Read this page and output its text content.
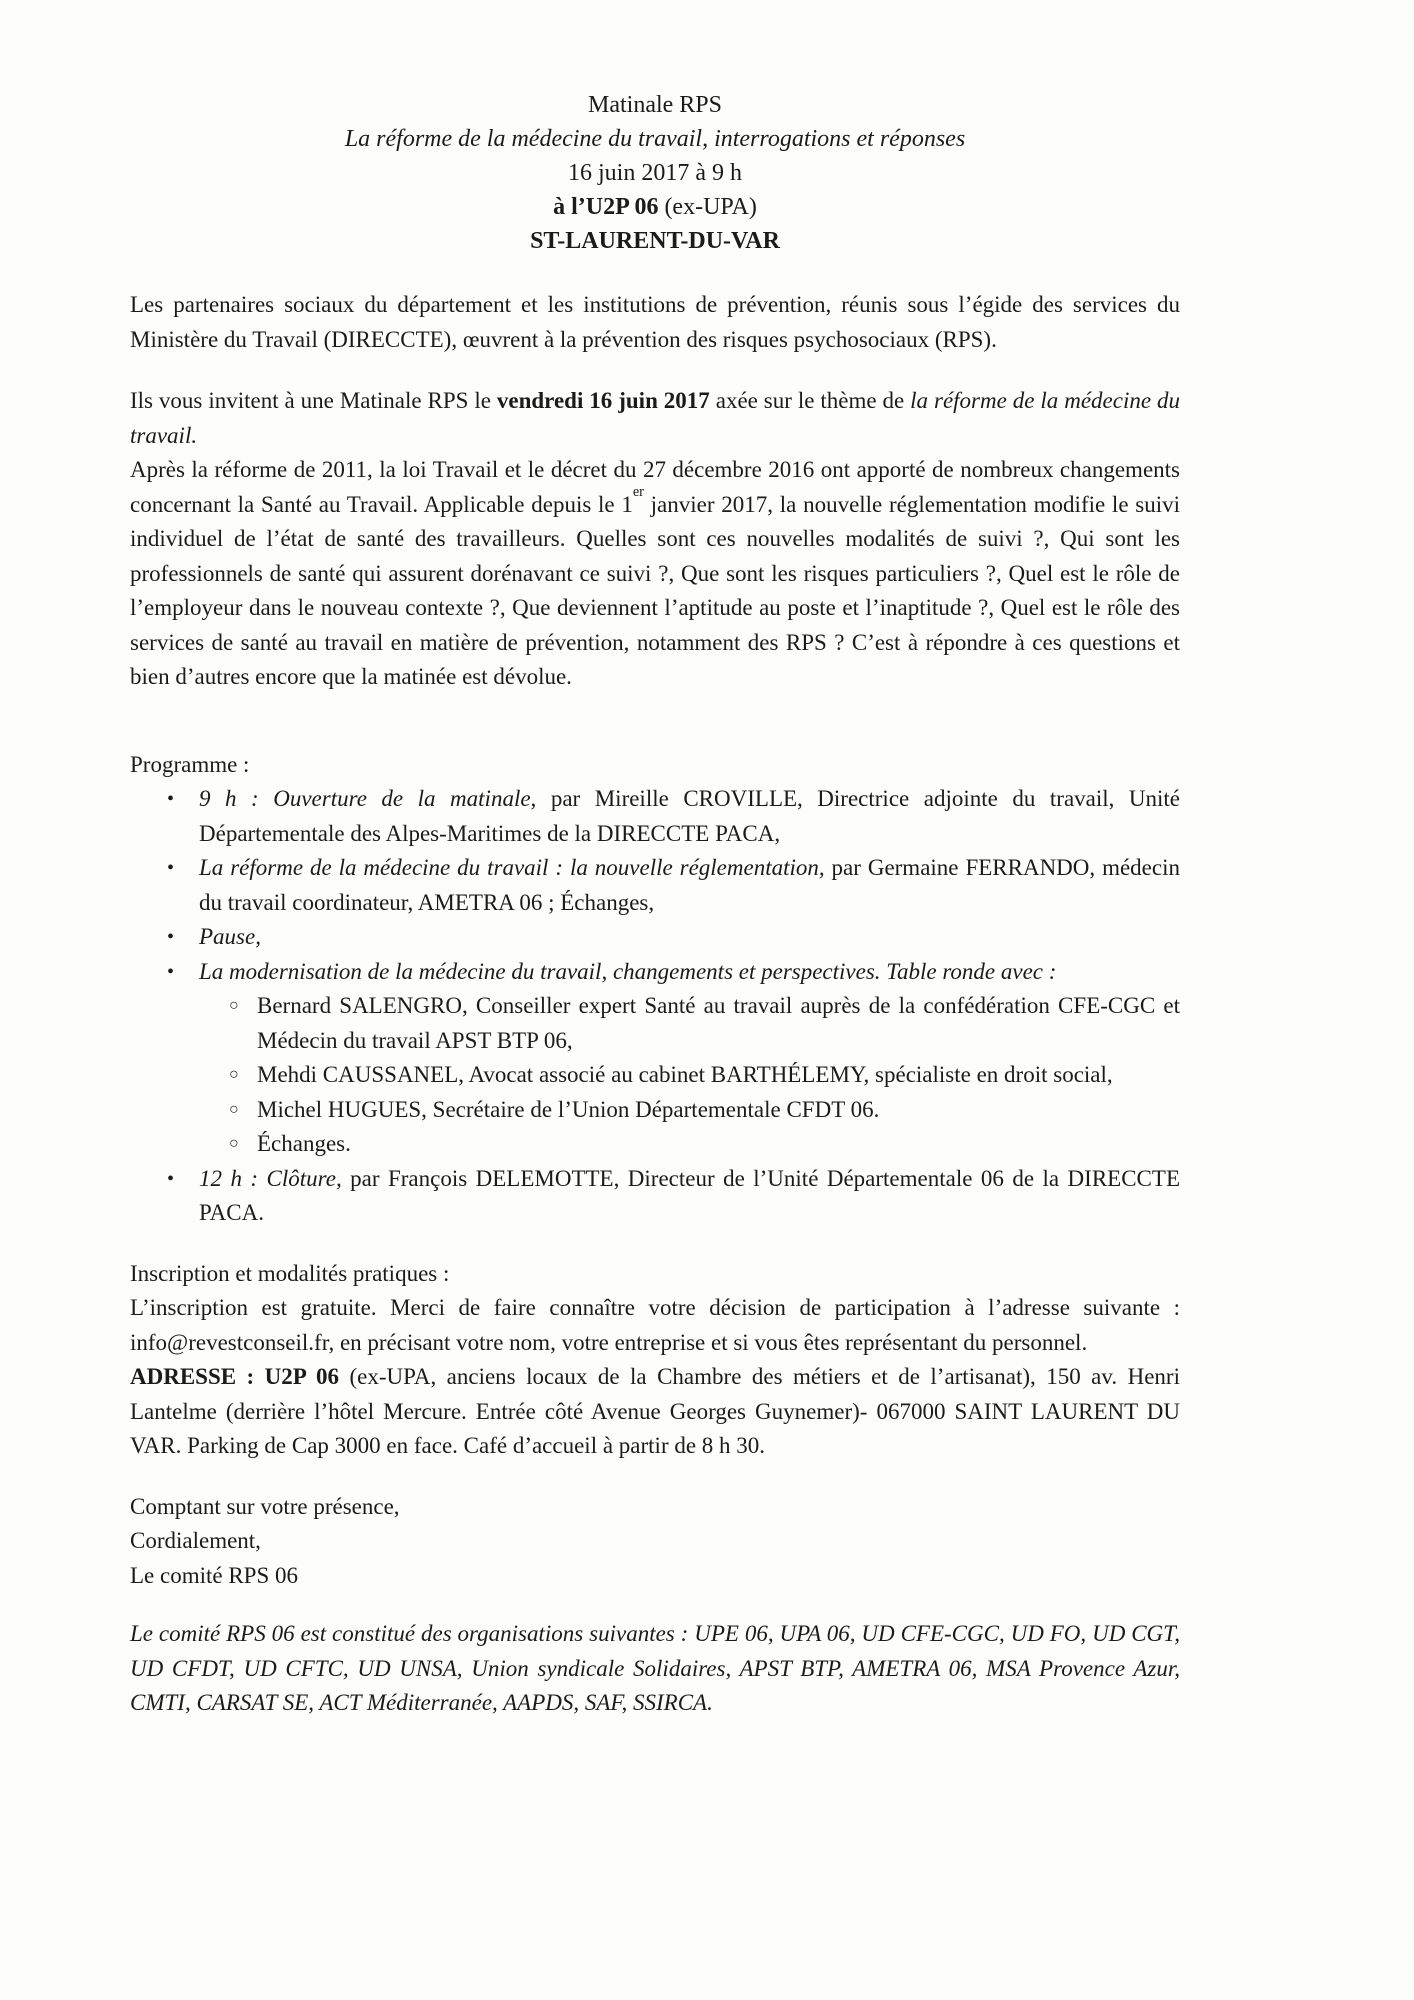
Matinale RPS
La réforme de la médecine du travail, interrogations et réponses
16 juin 2017 à 9 h
à l’U2P 06 (ex-UPA)
ST-LAURENT-DU-VAR

Les partenaires sociaux du département et les institutions de prévention, réunis sous l’égide des services du Ministère du Travail (DIRECCTE), œuvrent à la prévention des risques psychosociaux (RPS).

Ils vous invitent à une Matinale RPS le vendredi 16 juin 2017 axée sur le thème de la réforme de la médecine du travail.

Après la réforme de 2011, la loi Travail et le décret du 27 décembre 2016 ont apporté de nombreux changements concernant la Santé au Travail. Applicable depuis le 1er janvier 2017, la nouvelle réglementation modifie le suivi individuel de l’état de santé des travailleurs. Quelles sont ces nouvelles modalités de suivi ?, Qui sont les professionnels de santé qui assurent dorénavant ce suivi ?, Que sont les risques particuliers ?, Quel est le rôle de l’employeur dans le nouveau contexte ?, Que deviennent l’aptitude au poste et l’inaptitude ?, Quel est le rôle des services de santé au travail en matière de prévention, notamment des RPS ? C’est à répondre à ces questions et bien d’autres encore que la matinée est dévolue.

Programme :

•	9 h : Ouverture de la matinale, par Mireille CROVILLE, Directrice adjointe du travail, Unité Départementale des Alpes-Maritimes de la DIRECCTE PACA,
•	La réforme de la médecine du travail : la nouvelle réglementation, par Germaine FERRANDO, médecin du travail coordinateur, AMETRA 06 ; Échanges,
•	Pause,
•	La modernisation de la médecine du travail, changements et perspectives. Table ronde avec :
○ Bernard SALENGRO, Conseiller expert Santé au travail auprès de la confédération CFE-CGC et Médecin du travail APST BTP 06,
○ Mehdi CAUSSANEL, Avocat associé au cabinet BARTHÉLEMY, spécialiste en droit social,
○ Michel HUGUES, Secrétaire de l’Union Départementale CFDT 06.
○ Échanges.
•	12 h : Clôture, par François DELEMOTTE, Directeur de l’Unité Départementale 06 de la DIRECCTE PACA.

Inscription et modalités pratiques :

L’inscription est gratuite. Merci de faire connaître votre décision de participation à l’adresse suivante : info@revestconseil.fr, en précisant votre nom, votre entreprise et si vous êtes représentant du personnel.

ADRESSE : U2P 06 (ex-UPA, anciens locaux de la Chambre des métiers et de l’artisanat), 150 av. Henri Lantelme (derrière l’hôtel Mercure. Entrée côté Avenue Georges Guynemer)- 067000 SAINT LAURENT DU VAR. Parking de Cap 3000 en face. Café d’accueil à partir de 8 h 30.

Comptant sur votre présence,

Cordialement,

Le comité RPS 06

Le comité RPS 06 est constitué des organisations suivantes : UPE 06, UPA 06, UD CFE-CGC, UD FO, UD CGT, UD CFDT, UD CFTC, UD UNSA, Union syndicale Solidaires, APST BTP, AMETRA 06, MSA Provence Azur, CMTI, CARSAT SE, ACT Méditerranée, AAPDS, SAF, SSIRCA.
